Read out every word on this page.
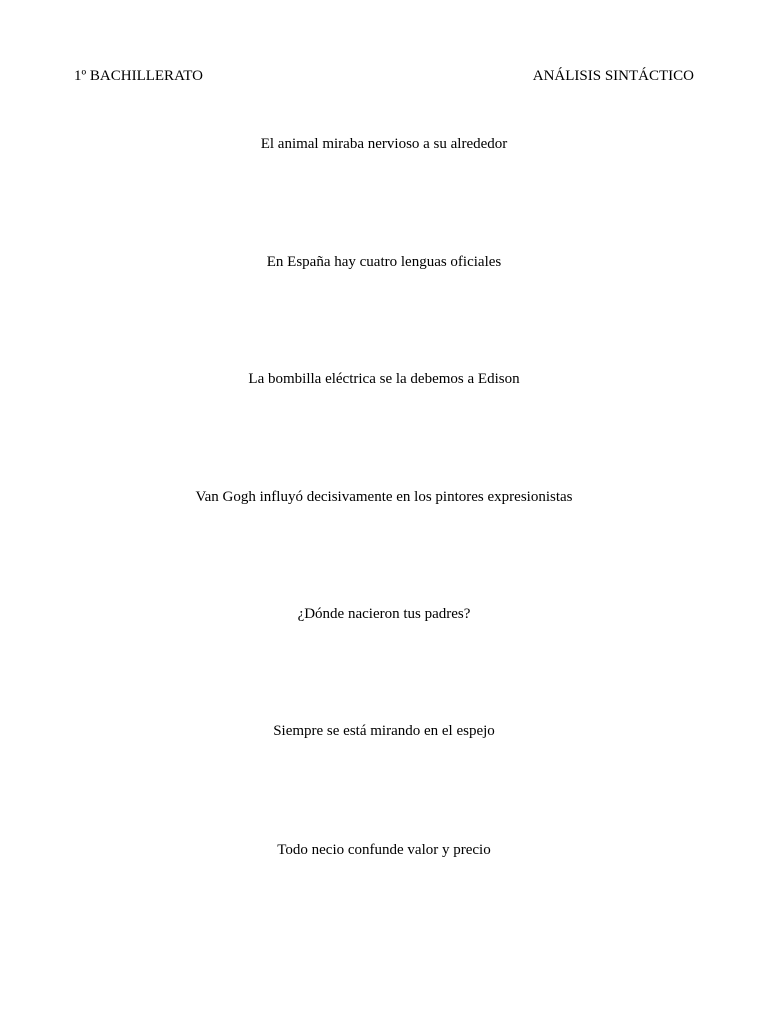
1º BACHILLERATO	ANÁLISIS SINTÁCTICO
El animal miraba nervioso a su alrededor
En España hay cuatro lenguas oficiales
La bombilla eléctrica se la debemos a Edison
Van Gogh influyó decisivamente en los pintores expresionistas
¿Dónde nacieron tus padres?
Siempre se está mirando en el espejo
Todo necio confunde valor y precio
